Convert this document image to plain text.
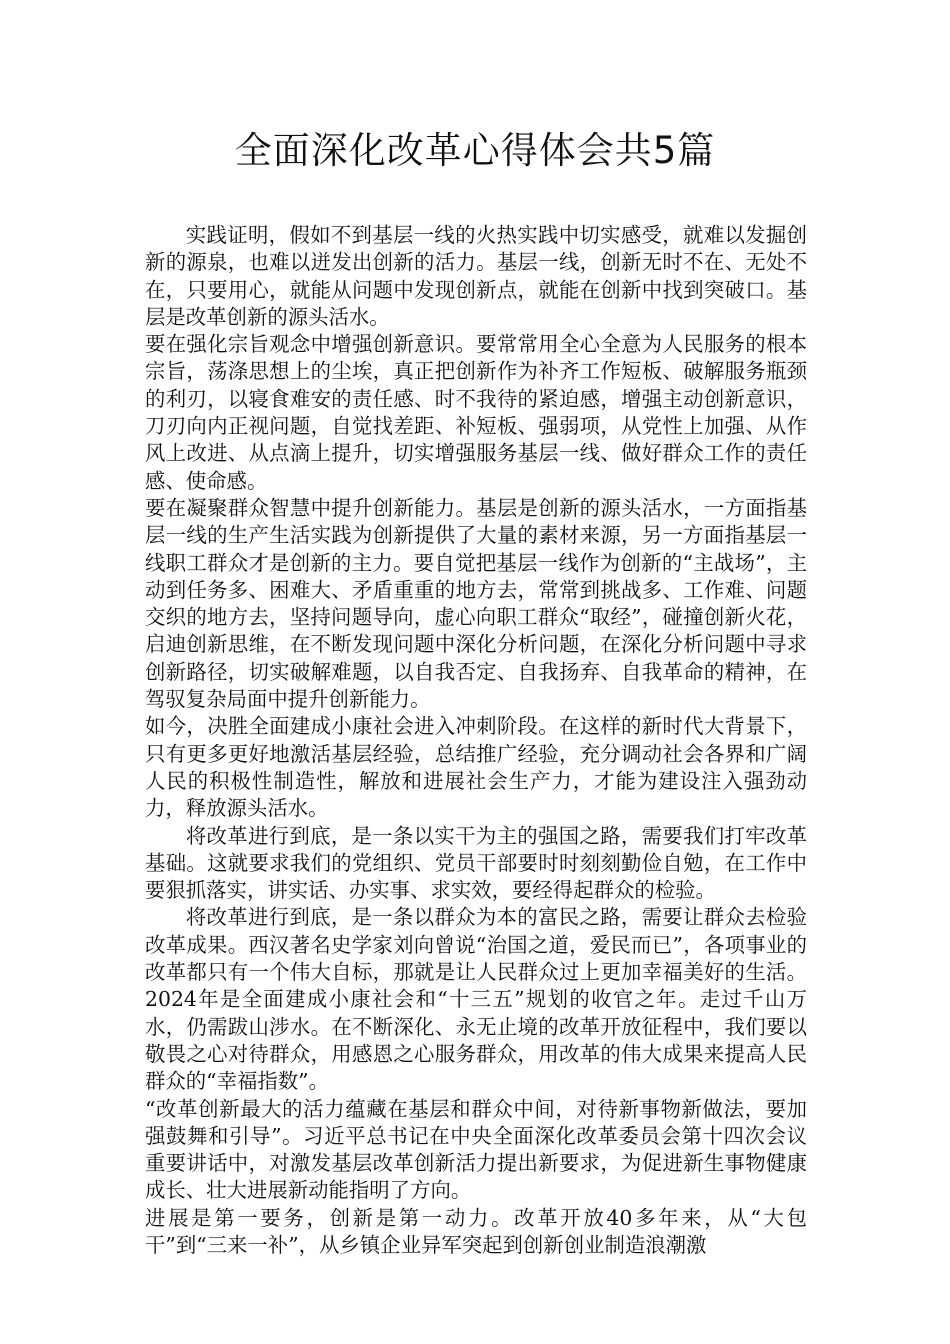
全面深化改革心得体会共5篇

实践证明，假如不到基层一线的火热实践中切实感受，就难以发掘创新的源泉，也难以迸发出创新的活力。基层一线，创新无时不在、无处不在，只要用心，就能从问题中发现创新点，就能在创新中找到突破口。基层是改革创新的源头活水。

要在强化宗旨观念中增强创新意识。要常常用全心全意为人民服务的根本宗旨，荡涤思想上的尘埃，真正把创新作为补齐工作短板、破解服务瓶颈的利刃，以寝食难安的责任感、时不我待的紧迫感，增强主动创新意识，刀刃向内正视问题，自觉找差距、补短板、强弱项，从党性上加强、从作风上改进、从点滴上提升，切实增强服务基层一线、做好群众工作的责任感、使命感。

要在凝聚群众智慧中提升创新能力。基层是创新的源头活水，一方面指基层一线的生产生活实践为创新提供了大量的素材来源，另一方面指基层一线职工群众才是创新的主力。要自觉把基层一线作为创新的“主战场”，主动到任务多、困难大、矛盾重重的地方去，常常到挑战多、工作难、问题交织的地方去，坚持问题导向，虚心向职工群众“取经”，碰撞创新火花，启迪创新思维，在不断发现问题中深化分析问题，在深化分析问题中寻求创新路径，切实破解难题，以自我否定、自我扬弃、自我革命的精神，在驾驭复杂局面中提升创新能力。

如今，决胜全面建成小康社会进入冲刺阶段。在这样的新时代大背景下，只有更多更好地激活基层经验，总结推广经验，充分调动社会各界和广阔人民的积极性制造性，解放和进展社会生产力，才能为建设注入强劲动力，释放源头活水。

将改革进行到底，是一条以实干为主的强国之路，需要我们打牢改革基础。这就要求我们的党组织、党员干部要时时刻刻勤俭自勉，在工作中要狠抓落实，讲实话、办实事、求实效，要经得起群众的检验。

将改革进行到底，是一条以群众为本的富民之路，需要让群众去检验改革成果。西汉著名史学家刘向曾说“治国之道，爱民而已”，各项事业的改革都只有一个伟大自标，那就是让人民群众过上更加幸福美好的生活。2024年是全面建成小康社会和“十三五”规划的收官之年。走过千山万水，仍需跋山涉水。在不断深化、永无止境的改革开放征程中，我们要以敬畏之心对待群众，用感恩之心服务群众，用改革的伟大成果来提高人民群众的“幸福指数”。

“改革创新最大的活力蕴藏在基层和群众中间，对待新事物新做法，要加强鼓舞和引导”。习近平总书记在中央全面深化改革委员会第十四次会议重要讲话中，对激发基层改革创新活力提出新要求，为促进新生事物健康成长、壮大进展新动能指明了方向。

进展是第一要务，创新是第一动力。改革开放40多年来，从“大包干”到“三来一补”，从乡镇企业异军突起到创新创业制造浪潮激
